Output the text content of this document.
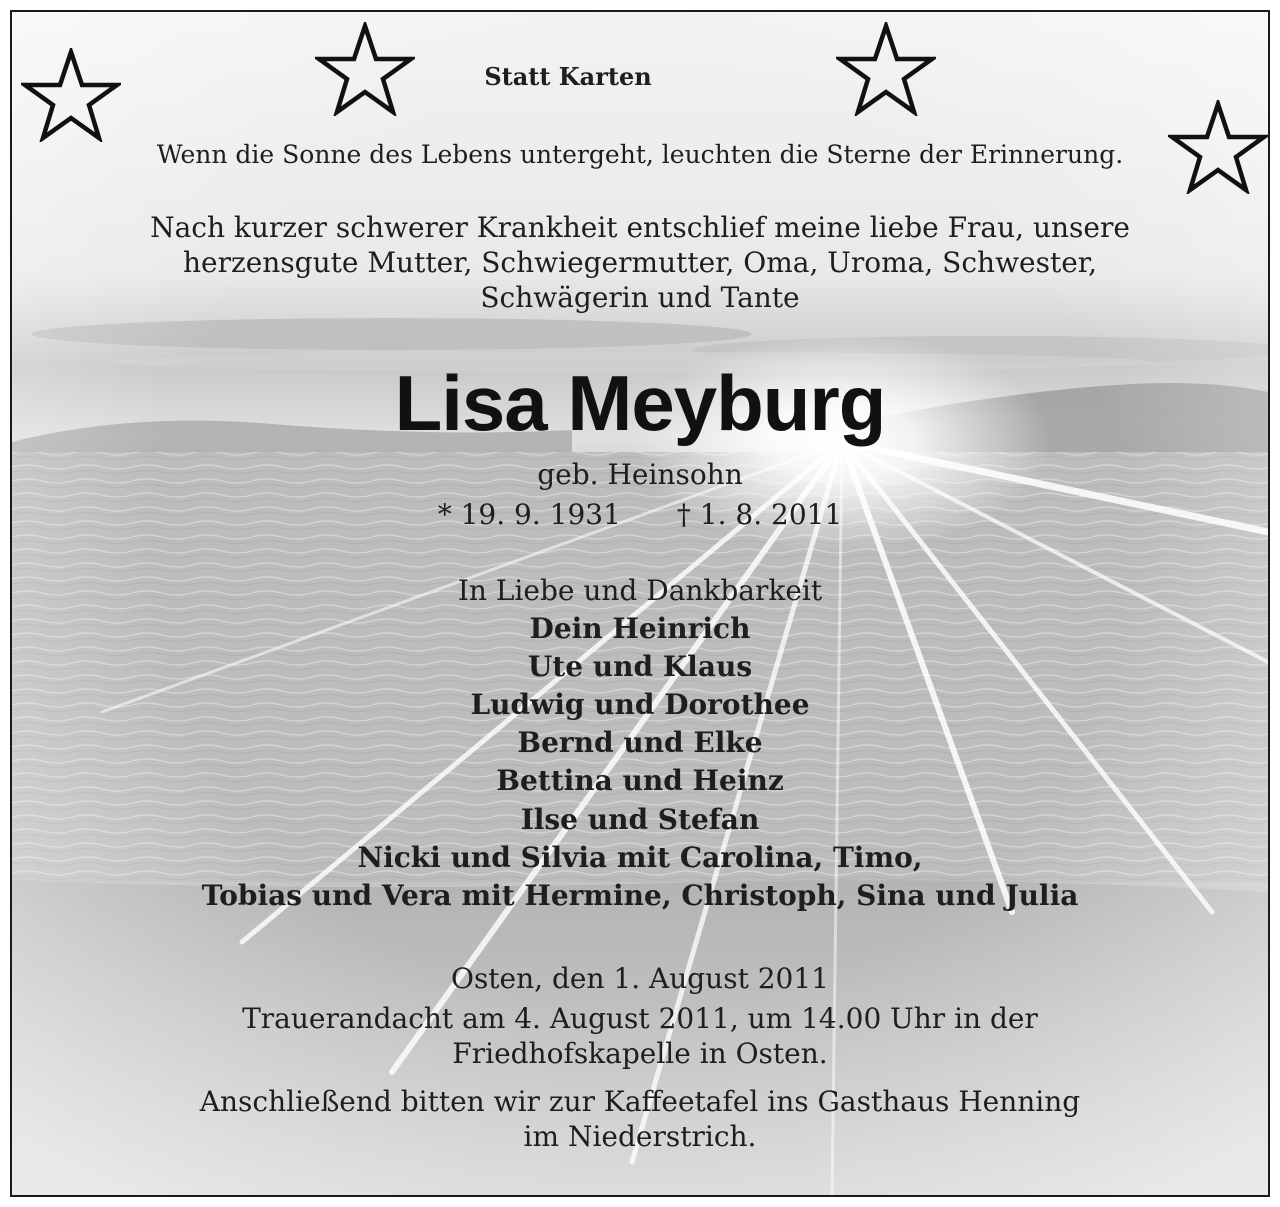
Statt Karten
Wenn die Sonne des Lebens untergeht, leuchten die Sterne der Erinnerung.
Nach kurzer schwerer Krankheit entschlief meine liebe Frau, unsere
herzensgute Mutter, Schwiegermutter, Oma, Uroma, Schwester,
Schwägerin und Tante
Lisa Meyburg
geb. Heinsohn
* 19. 9. 1931 † 1. 8. 2011
In Liebe und Dankbarkeit
Dein Heinrich
Ute und Klaus
Ludwig und Dorothee
Bernd und Elke
Bettina und Heinz
Ilse und Stefan
Nicki und Silvia mit Carolina, Timo,
Tobias und Vera mit Hermine, Christoph, Sina und Julia
Osten, den 1. August 2011
Trauerandacht am 4. August 2011, um 14.00 Uhr in der
Friedhofskapelle in Osten.
Anschließend bitten wir zur Kaffeetafel ins Gasthaus Henning
im Niederstrich.
